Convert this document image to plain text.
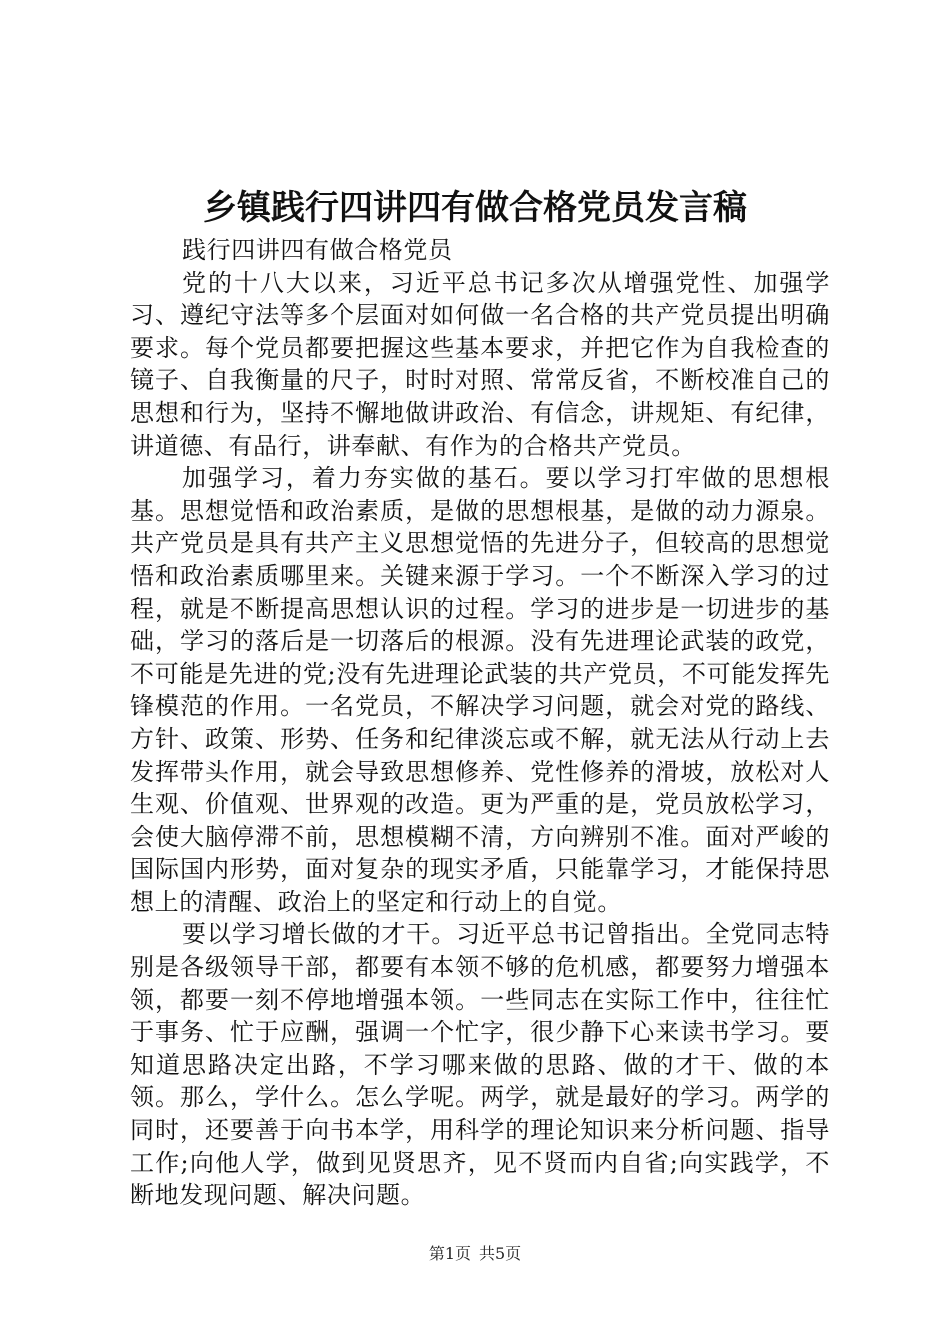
乡镇践行四讲四有做合格党员发言稿

践行四讲四有做合格党员

党的十八大以来，习近平总书记多次从增强党性、加强学习、遵纪守法等多个层面对如何做一名合格的共产党员提出明确要求。每个党员都要把握这些基本要求，并把它作为自我检查的镜子、自我衡量的尺子，时时对照、常常反省，不断校准自己的思想和行为，坚持不懈地做讲政治、有信念，讲规矩、有纪律，讲道德、有品行，讲奉献、有作为的合格共产党员。

加强学习，着力夯实做的基石。要以学习打牢做的思想根基。思想觉悟和政治素质，是做的思想根基，是做的动力源泉。共产党员是具有共产主义思想觉悟的先进分子，但较高的思想觉悟和政治素质哪里来。关键来源于学习。一个不断深入学习的过程，就是不断提高思想认识的过程。学习的进步是一切进步的基础，学习的落后是一切落后的根源。没有先进理论武装的政党，不可能是先进的党;没有先进理论武装的共产党员，不可能发挥先锋模范的作用。一名党员，不解决学习问题，就会对党的路线、方针、政策、形势、任务和纪律淡忘或不解，就无法从行动上去发挥带头作用，就会导致思想修养、党性修养的滑坡，放松对人生观、价值观、世界观的改造。更为严重的是，党员放松学习，会使大脑停滞不前，思想模糊不清，方向辨别不准。面对严峻的国际国内形势，面对复杂的现实矛盾，只能靠学习，才能保持思想上的清醒、政治上的坚定和行动上的自觉。

要以学习增长做的才干。习近平总书记曾指出。全党同志特别是各级领导干部，都要有本领不够的危机感，都要努力增强本领，都要一刻不停地增强本领。一些同志在实际工作中，往往忙于事务、忙于应酬，强调一个忙字，很少静下心来读书学习。要知道思路决定出路，不学习哪来做的思路、做的才干、做的本领。那么，学什么。怎么学呢。两学，就是最好的学习。两学的同时，还要善于向书本学，用科学的理论知识来分析问题、指导工作;向他人学，做到见贤思齐，见不贤而内自省;向实践学，不断地发现问题、解决问题。

第1页 共5页
